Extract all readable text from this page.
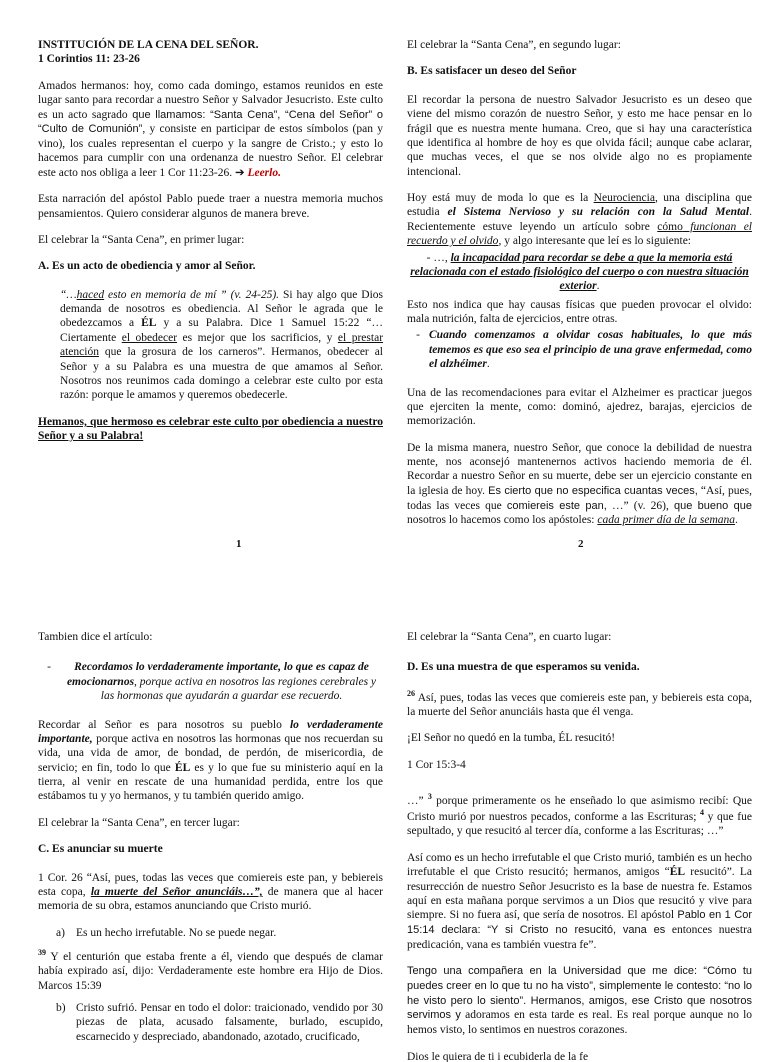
INSTITUCIÓN DE LA CENA DEL SEÑOR.
1 Corintios 11: 23-26

Amados hermanos: hoy, como cada domingo, estamos reunidos en este lugar santo para recordar a nuestro Señor y Salvador Jesucristo. Este culto es un acto sagrado que llamamos: “Santa Cena”, “Cena del Señor” o “Culto de Comunión”, y consiste en participar de estos símbolos (pan y vino), los cuales representan el cuerpo y la sangre de Cristo.; y esto lo hacemos para cumplir con una ordenanza de nuestro Señor. El celebrar este acto nos obliga a leer 1 Cor 11:23-26. ➔ Leerlo.

Esta narración del apóstol Pablo puede traer a nuestra memoria muchos pensamientos. Quiero considerar algunos de manera breve.

El celebrar la “Santa Cena”, en primer lugar:

A. Es un acto de obediencia y amor al Señor.

“…haced esto en memoria de mí ” (v. 24-25). Si hay algo que Dios demanda de nosotros es obediencia. Al Señor le agrada que le obedezcamos a ÉL y a su Palabra. Dice 1 Samuel 15:22 “…Ciertamente el obedecer es mejor que los sacrificios, y el prestar atención que la grosura de los carneros”. Hermanos, obedecer al Señor y a su Palabra es una muestra de que amamos al Señor. Nosotros nos reunimos cada domingo a celebrar este culto por esta razón: porque le amamos y queremos obedecerle.

Hemanos, que hermoso es celebrar este culto por obediencia a nuestro Señor y a su Palabra!

1

El celebrar la “Santa Cena”, en segundo lugar:

B. Es satisfacer un deseo del Señor

El recordar la persona de nuestro Salvador Jesucristo es un deseo que viene del mismo corazón de nuestro Señor, y esto me hace pensar en lo frágil que es nuestra mente humana. Creo, que si hay una característica que identifica al hombre de hoy es que olvida fácil; aunque cabe aclarar, que muchas veces, el que se nos olvide algo no es propiamente intencional.

Hoy está muy de moda lo que es la Neurociencia, una disciplina que estudia el Sistema Nervioso y su relación con la Salud Mental. Recientemente estuve leyendo un artículo sobre cómo funcionan el recuerdo y el olvido, y algo interesante que leí es lo siguiente:

- …, la incapacidad para recordar se debe a que la memoria está relacionada con el estado fisiológico del cuerpo o con nuestra situación exterior.

Esto nos indica que hay causas físicas que pueden provocar el olvido: mala nutrición, falta de ejercicios, entre otras.

- Cuando comenzamos a olvidar cosas habituales, lo que más tememos es que eso sea el principio de una grave enfermedad, como el alzhéimer.

Una de las recomendaciones para evitar el Alzheimer es practicar juegos que ejerciten la mente, como: dominó, ajedrez, barajas, ejercicios de memorización.

De la misma manera, nuestro Señor, que conoce la debilidad de nuestra mente, nos aconsejó mantenernos activos haciendo memoria de él. Recordar a nuestro Señor en su muerte, debe ser un ejercicio constante en la iglesia de hoy. Es cierto que no especifica cuantas veces, “Así, pues, todas las veces que comiereis este pan, …” (v. 26), que bueno que nosotros lo hacemos como los apóstoles: cada primer día de la semana.

2

Tambien dice el artículo:

-	Recordamos lo verdaderamente importante, lo que es capaz de emocionarnos, porque activa en nosotros las regiones cerebrales y las hormonas que ayudarán a guardar ese recuerdo.

Recordar al Señor es para nosotros su pueblo lo verdaderamente importante, porque activa en nosotros las hormonas que nos recuerdan su vida, una vida de amor, de bondad, de perdón, de misericordia, de servicio; en fin, todo lo que ÉL es y lo que fue su ministerio aquí en la tierra, al venir en rescate de una humanidad perdida, entre los que estábamos tu y yo hermanos, y tu también querido amigo.

El celebrar la “Santa Cena”, en tercer lugar:

C. Es anunciar su muerte

1 Cor. 26 “Así, pues, todas las veces que comiereis este pan, y bebiereis esta copa, la muerte del Señor anunciáis…”, de manera que al hacer memoria de su obra, estamos anunciando que Cristo murió.

a) Es un hecho irrefutable. No se puede negar.

$^{39}$ Y el centurión que estaba frente a él, viendo que después de clamar había expirado así, dijo: Verdaderamente este hombre era Hijo de Dios. Marcos 15:39

b) Cristo sufrió. Pensar en todo el dolor: traicionado, vendido por 30 piezas de plata, acusado falsamente, burlado, escupido, escarnecido y despreciado, abandonado, azotado, crucificado,

El celebrar la “Santa Cena”, en cuarto lugar:

D. Es una muestra de que esperamos su venida.

$^{26}$ Así, pues, todas las veces que comiereis este pan, y bebiereis esta copa, la muerte del Señor anunciáis hasta que él venga.

¡El Señor no quedó en la tumba, ÉL resucitó!

1 Cor 15:3-4

…” $^3$ porque primeramente os he enseñado lo que asimismo recibí: Que Cristo murió por nuestros pecados, conforme a las Escrituras; $^4$ y que fue sepultado, y que resucitó al tercer día, conforme a las Escrituras; …”

Así como es un hecho irrefutable el que Cristo murió, también es un hecho irrefutable el que Cristo resucitó; hermanos, amigos “ÉL resucitó”. La resurrección de nuestro Señor Jesucristo es la base de nuestra fe. Estamos aquí en esta mañana porque servimos a un Dios que resucitó y vive para siempre. Si no fuera así, que sería de nosotros. El apóstol Pablo en 1 Cor 15:14 declara: “Y si Cristo no resucitó, vana es entonces nuestra predicación, vana es también vuestra fe”.

Tengo una compañera en la Universidad que me dice: “Cómo tu puedes creer en lo que tu no ha visto”, simplemente le contesto: “no lo he visto pero lo siento”. Hermanos, amigos, ese Cristo que nosotros servimos y adoramos en esta tarde es real. Es real porque aunque no lo hemos visto, lo sentimos en nuestros corazones.

Dios le quiera de ti i ecubiderla de la fe
